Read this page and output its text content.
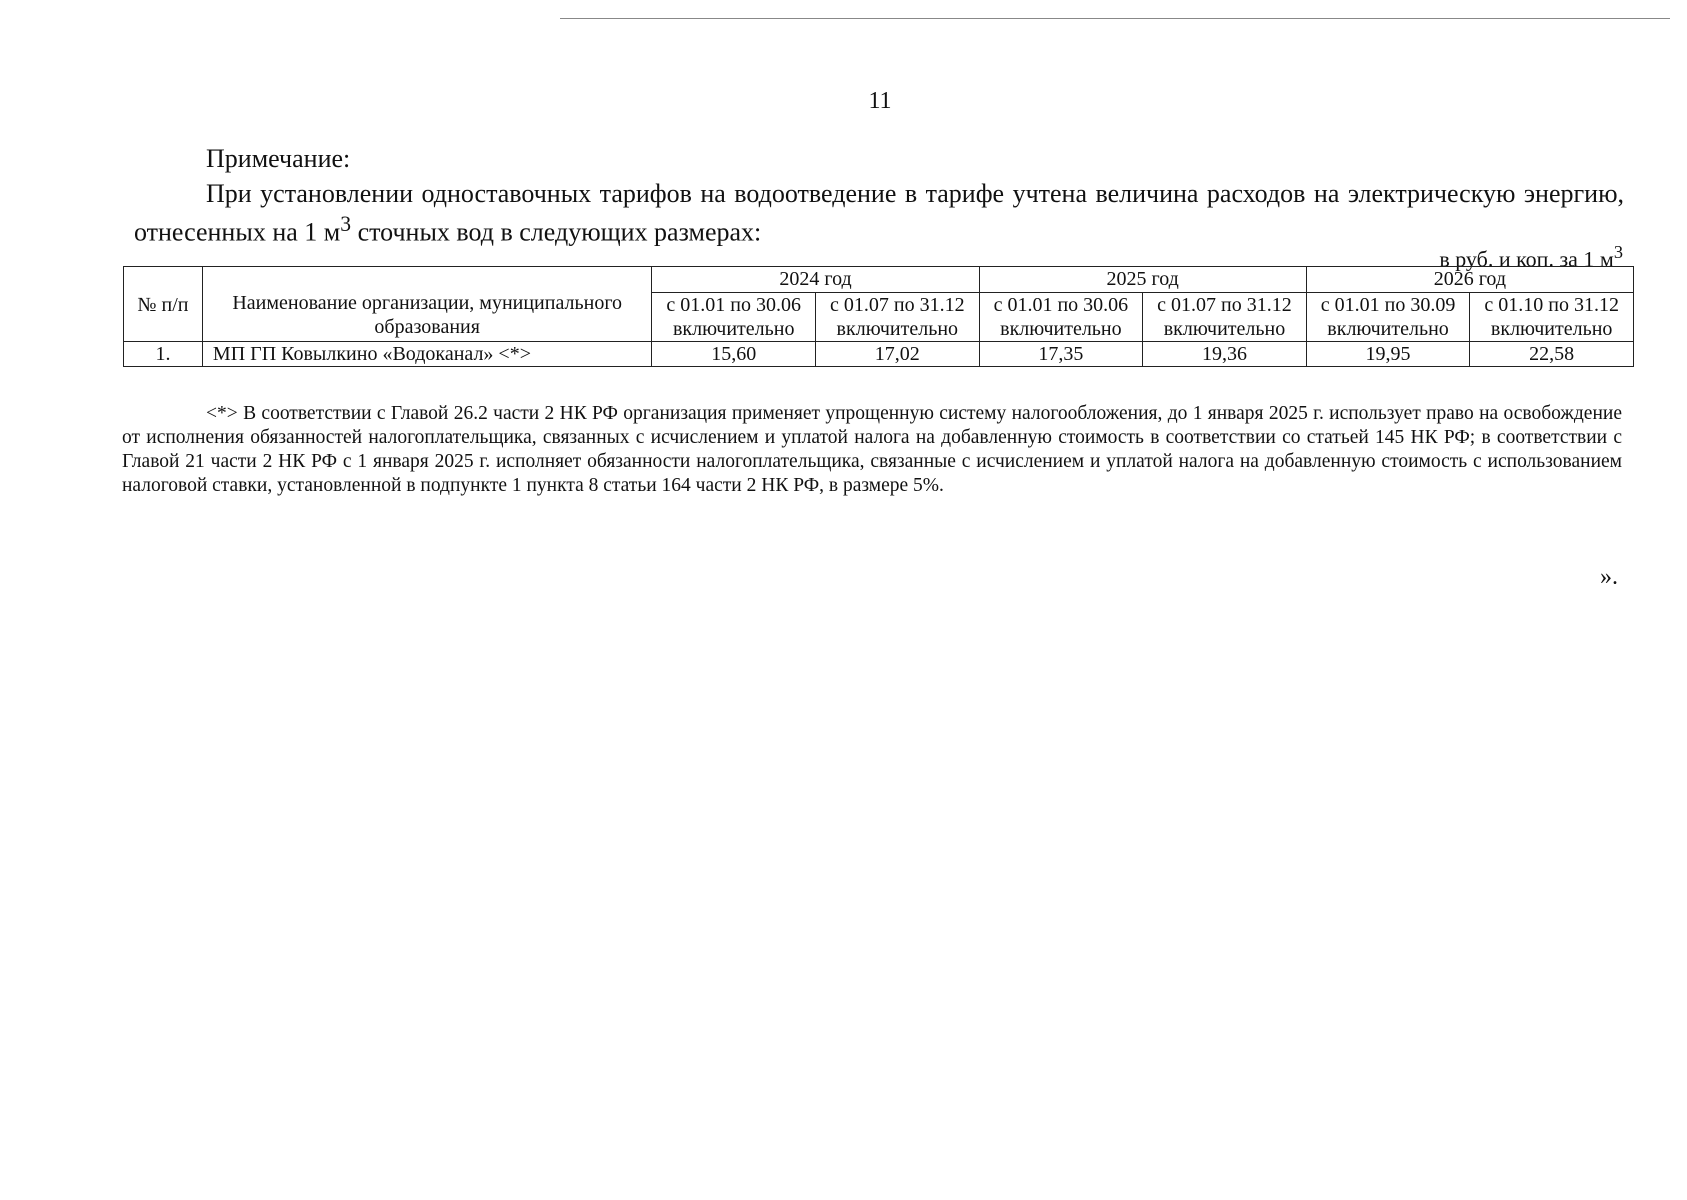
11
Примечание:
При установлении одноставочных тарифов на водоотведение в тарифе учтена величина расходов на электрическую энергию, отнесенных на 1 $м^3$ сточных вод в следующих размерах:
в руб. и коп. за 1 $м^3$
№ п/п	Наименование организации, муниципального образования	2024 год		2025 год		2026 год	
		с 01.01 по 30.06 включительно	с 01.07 по 31.12 включительно	с 01.01 по 30.06 включительно	с 01.07 по 31.12 включительно	с 01.01 по 30.09 включительно	с 01.10 по 31.12 включительно
1.	МП ГП Ковылкино «Водоканал» <*>	15,60	17,02	17,35	19,36	19,95	22,58
<*> В соответствии с Главой 26.2 части 2 НК РФ организация применяет упрощенную систему налогообложения, до 1 января 2025 г. использует право на освобождение от исполнения обязанностей налогоплательщика, связанных с исчислением и уплатой налога на добавленную стоимость в соответствии со статьей 145 НК РФ; в соответствии с Главой 21 части 2 НК РФ с 1 января 2025 г. исполняет обязанности налогоплательщика, связанные с исчислением и уплатой налога на добавленную стоимость с использованием налоговой ставки, установленной в подпункте 1 пункта 8 статьи 164 части 2 НК РФ, в размере 5%.
».
